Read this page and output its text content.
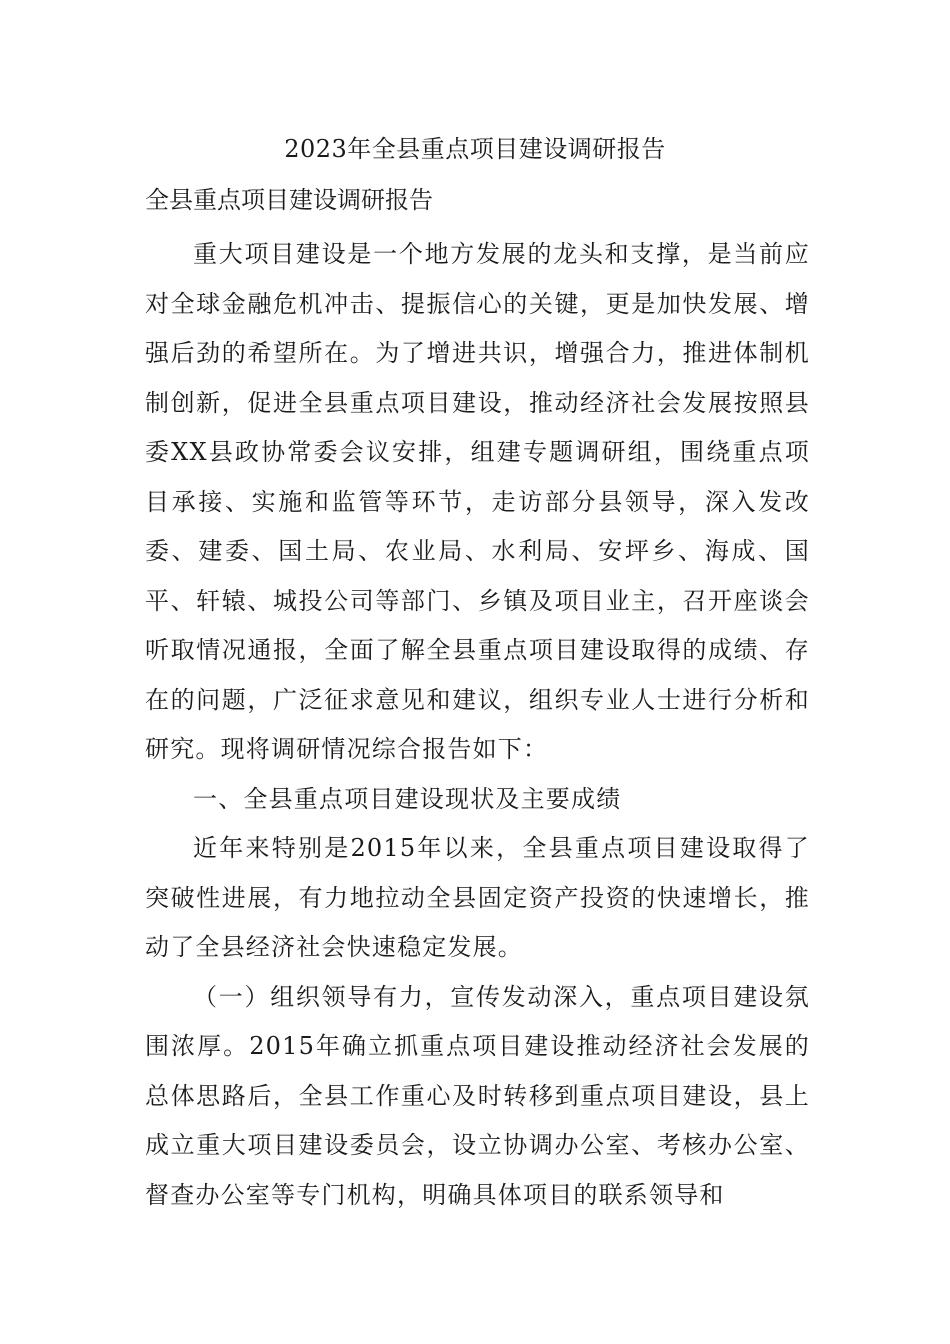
2023年全县重点项目建设调研报告
全县重点项目建设调研报告

重大项目建设是一个地方发展的龙头和支撑，是当前应对全球金融危机冲击、提振信心的关键，更是加快发展、增强后劲的希望所在。为了增进共识，增强合力，推进体制机制创新，促进全县重点项目建设，推动经济社会发展按照县委XX县政协常委会议安排，组建专题调研组，围绕重点项目承接、实施和监管等环节，走访部分县领导，深入发改委、建委、国土局、农业局、水利局、安坪乡、海成、国平、轩辕、城投公司等部门、乡镇及项目业主，召开座谈会听取情况通报，全面了解全县重点项目建设取得的成绩、存在的问题，广泛征求意见和建议，组织专业人士进行分析和研究。现将调研情况综合报告如下：

一、全县重点项目建设现状及主要成绩

近年来特别是2015年以来，全县重点项目建设取得了突破性进展，有力地拉动全县固定资产投资的快速增长，推动了全县经济社会快速稳定发展。

（一）组织领导有力，宣传发动深入，重点项目建设氛围浓厚。2015年确立抓重点项目建设推动经济社会发展的总体思路后，全县工作重心及时转移到重点项目建设，县上成立重大项目建设委员会，设立协调办公室、考核办公室、督查办公室等专门机构，明确具体项目的联系领导和
